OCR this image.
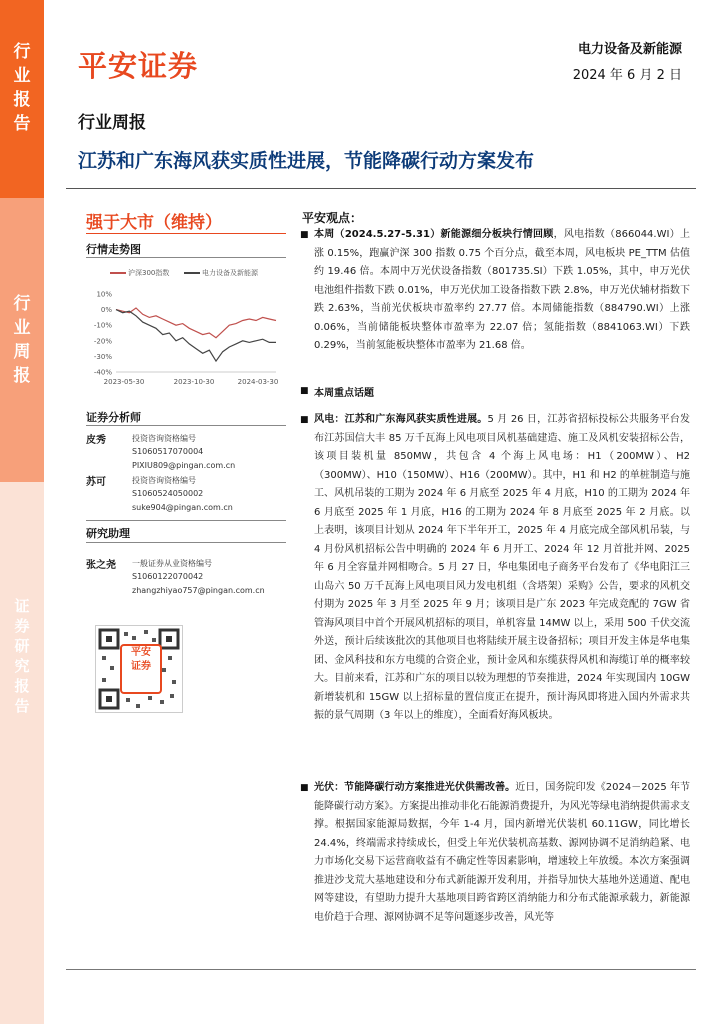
行
业
报
告
行
业
周
报
证
券
研
究
报
告
平安证券	电力设备及新能源
2024 年 6 月 2 日
行业周报
江苏和广东海风获实质性进展，节能降碳行动方案发布
强于大市（维持）
行情走势图
沪深300指数	电力设备及新能源
10%
0%
-10%
-20%
-30%
-40%
2023-05-30	2023-10-30	2024-03-30
证券分析师
皮秀	投资咨询资格编号
S1060517070004
PIXIU809@pingan.com.cn
苏可	投资咨询资格编号
S1060524050002
suke904@pingan.com.cn
研究助理
张之尧 一般证券从业资格编号
S1060122070042
zhangzhiyao757@pingan.com.cn
平安
证券
平安观点：
■ 本周（2024.5.27-5.31）新能源细分板块行情回顾，风电指数（866044.WI）上涨 0.15%，跑赢沪深 300 指数 0.75 个百分点，截至本周，风电板块 PE_TTM 估值约 19.46 倍。本周中万光伏设备指数（801735.SI）下跌 1.05%，其中，申万光伏电池组件指数下跌 0.01%，申万光伏加工设备指数下跌 2.8%，申万光伏辅材指数下跌 2.63%，当前光伏板块市盈率约 27.77 倍。本周储能指数（884790.WI）上涨 0.06%，当前储能板块整体市盈率为 22.07 倍；氢能指数（8841063.WI）下跌 0.29%，当前氢能板块整体市盈率为 21.68 倍。
■ 本周重点话题
■ 风电：江苏和广东海风获实质性进展。5 月 26 日，江苏省招标投标公共服务平台发布江苏国信大丰 85 万千瓦海上风电项目风机基础建造、施工及风机安装招标公告，该项目装机量 850MW，共包含 4 个海上风电场：H1（200MW）、H2（300MW）、H10（150MW）、H16（200MW）。其中，H1 和 H2 的单桩制造与施工、风机吊装的工期为 2024 年 6 月底至 2025 年 4 月底，H10 的工期为 2024 年 6 月底至 2025 年 1 月底，H16 的工期为 2024 年 8 月底至 2025 年 2 月底。以上表明，该项目计划从 2024 年下半年开工，2025 年 4 月底完成全部风机吊装，与 4 月份风机招标公告中明确的 2024 年 6 月开工、2024 年 12 月首批并网、2025 年 6 月全容量并网相吻合。5 月 27 日，华电集团电子商务平台发布了《华电阳江三山岛六 50 万千瓦海上风电项目风力发电机组（含塔架）采购》公告，要求的风机交付期为 2025 年 3 月至 2025 年 9 月；该项目是广东 2023 年完成竞配的 7GW 省管海风项目中首个开展风机招标的项目，单机容量 14MW 以上，采用 500 千伏交流外送，预计后续该批次的其他项目也将陆续开展主设备招标；项目开发主体是华电集团、金风科技和东方电缆的合资企业，预计金风和东缆获得风机和海缆订单的概率较大。目前来看，江苏和广东的项目以较为理想的节奏推进，2024 年实现国内 10GW 新增装机和 15GW 以上招标量的置信度正在提升，预计海风即将进入国内外需求共振的景气周期（3 年以上的维度），全面看好海风板块。
■ 光伏：节能降碳行动方案推进光伏供需改善。近日，国务院印发《2024－2025 年节能降碳行动方案》。方案提出推动非化石能源消费提升，为风光等绿电消纳提供需求支撑。根据国家能源局数据，今年 1-4 月，国内新增光伏装机 60.11GW，同比增长 24.4%，终端需求持续成长，但受上年光伏装机高基数、源网协调不足消纳趋紧、电力市场化交易下运营商收益有不确定性等因素影响，增速较上年放缓。本次方案强调推进沙戈荒大基地建设和分布式新能源开发利用，并指导加快大基地外送通道、配电网等建设，有望助力提升大基地项目跨省跨区消纳能力和分布式能源承载力，新能源电价趋于合理、源网协调不足等问题逐步改善，风光等
